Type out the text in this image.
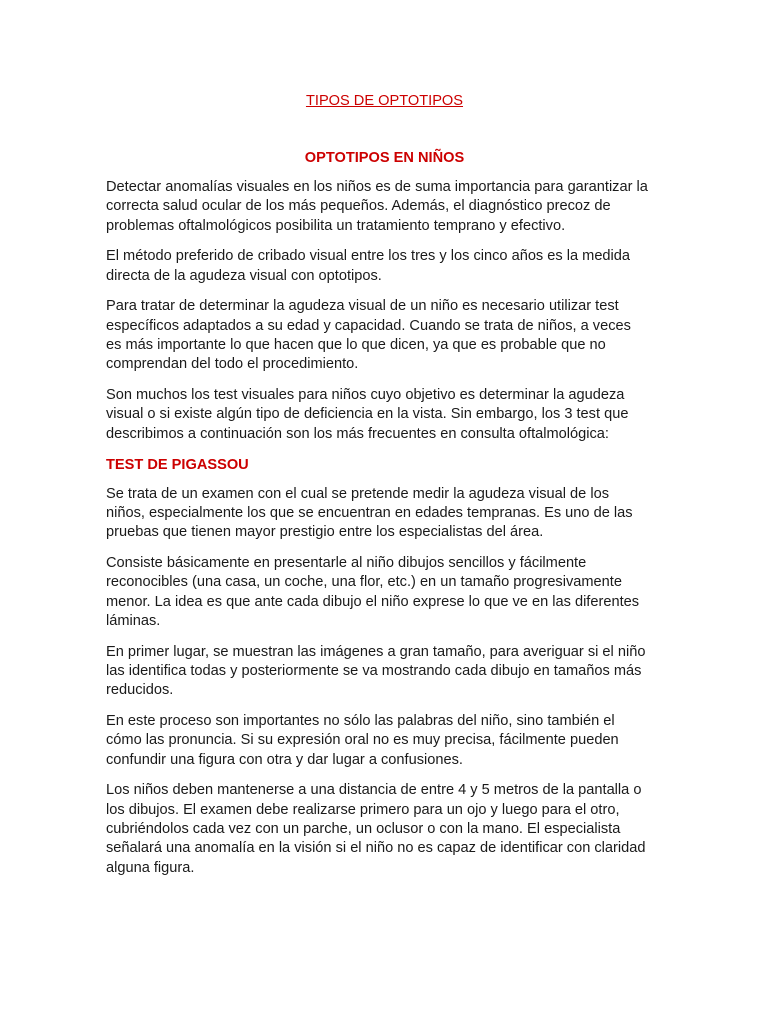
TIPOS DE OPTOTIPOS
OPTOTIPOS EN NIÑOS

Detectar anomalías visuales en los niños es de suma importancia para garantizar la correcta salud ocular de los más pequeños. Además, el diagnóstico precoz de problemas oftalmológicos posibilita un tratamiento temprano y efectivo.

El método preferido de cribado visual entre los tres y los cinco años es la medida directa de la agudeza visual con optotipos.

Para tratar de determinar la agudeza visual de un niño es necesario utilizar test específicos adaptados a su edad y capacidad. Cuando se trata de niños, a veces es más importante lo que hacen que lo que dicen, ya que es probable que no comprendan del todo el procedimiento.

Son muchos los test visuales para niños cuyo objetivo es determinar la agudeza visual o si existe algún tipo de deficiencia en la vista. Sin embargo, los 3 test que describimos a continuación son los más frecuentes en consulta oftalmológica:

TEST DE PIGASSOU

Se trata de un examen con el cual se pretende medir la agudeza visual de los niños, especialmente los que se encuentran en edades tempranas. Es uno de las pruebas que tienen mayor prestigio entre los especialistas del área.

Consiste básicamente en presentarle al niño dibujos sencillos y fácilmente reconocibles (una casa, un coche, una flor, etc.) en un tamaño progresivamente menor. La idea es que ante cada dibujo el niño exprese lo que ve en las diferentes láminas.

En primer lugar, se muestran las imágenes a gran tamaño, para averiguar si el niño las identifica todas y posteriormente se va mostrando cada dibujo en tamaños más reducidos.

En este proceso son importantes no sólo las palabras del niño, sino también el cómo las pronuncia. Si su expresión oral no es muy precisa, fácilmente pueden confundir una figura con otra y dar lugar a confusiones.

Los niños deben mantenerse a una distancia de entre 4 y 5 metros de la pantalla o los dibujos. El examen debe realizarse primero para un ojo y luego para el otro, cubriéndolos cada vez con un parche, un oclusor o con la mano. El especialista señalará una anomalía en la visión si el niño no es capaz de identificar con claridad alguna figura.
